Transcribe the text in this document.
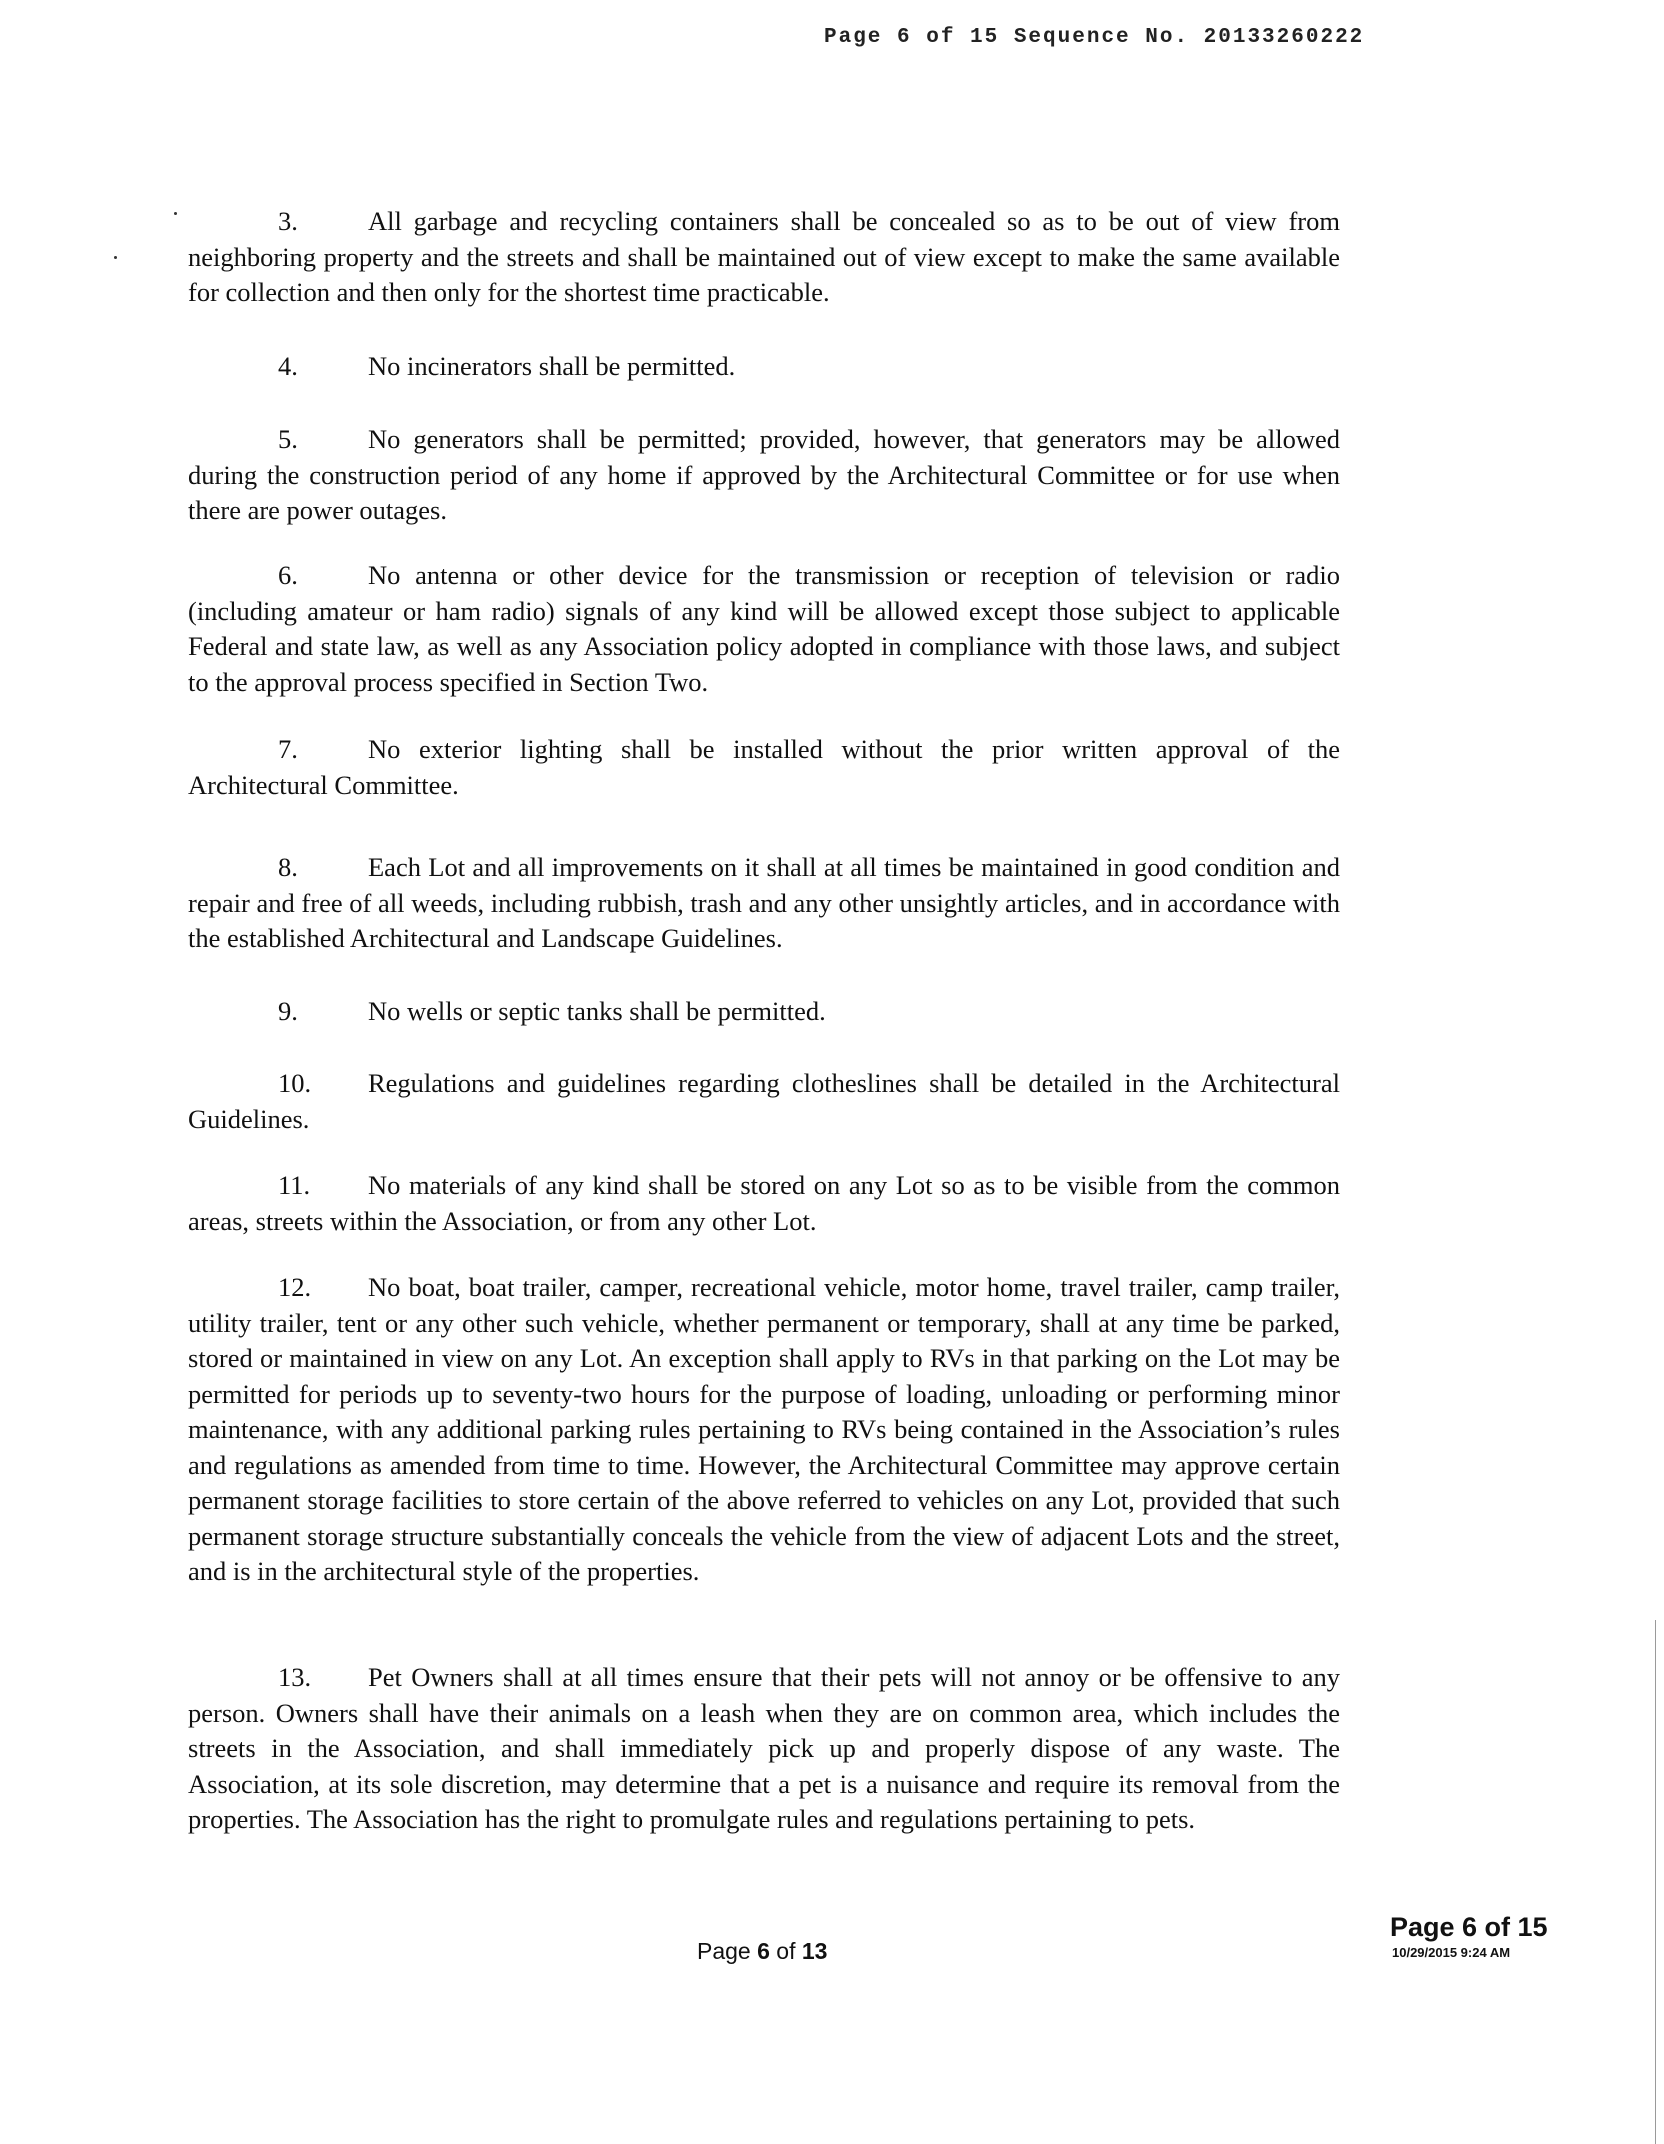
Page 6 of 15 Sequence No. 20133260222

3.	All garbage and recycling containers shall be concealed so as to be out of view from neighboring property and the streets and shall be maintained out of view except to make the same available for collection and then only for the shortest time practicable.

4.	No incinerators shall be permitted.

5.	No generators shall be permitted; provided, however, that generators may be allowed during the construction period of any home if approved by the Architectural Committee or for use when there are power outages.

6.	No antenna or other device for the transmission or reception of television or radio (including amateur or ham radio) signals of any kind will be allowed except those subject to applicable Federal and state law, as well as any Association policy adopted in compliance with those laws, and subject to the approval process specified in Section Two.

7.	No exterior lighting shall be installed without the prior written approval of the Architectural Committee.

8.	Each Lot and all improvements on it shall at all times be maintained in good condition and repair and free of all weeds, including rubbish, trash and any other unsightly articles, and in accordance with the established Architectural and Landscape Guidelines.

9.	No wells or septic tanks shall be permitted.

10. Regulations and guidelines regarding clotheslines shall be detailed in the Architectural Guidelines.

11. No materials of any kind shall be stored on any Lot so as to be visible from the common areas, streets within the Association, or from any other Lot.

12. No boat, boat trailer, camper, recreational vehicle, motor home, travel trailer, camp trailer, utility trailer, tent or any other such vehicle, whether permanent or temporary, shall at any time be parked, stored or maintained in view on any Lot. An exception shall apply to RVs in that parking on the Lot may be permitted for periods up to seventy-two hours for the purpose of loading, unloading or performing minor maintenance, with any additional parking rules pertaining to RVs being contained in the Association’s rules and regulations as amended from time to time. However, the Architectural Committee may approve certain permanent storage facilities to store certain of the above referred to vehicles on any Lot, provided that such permanent storage structure substantially conceals the vehicle from the view of adjacent Lots and the street, and is in the architectural style of the properties.

13. Pet Owners shall at all times ensure that their pets will not annoy or be offensive to any person. Owners shall have their animals on a leash when they are on common area, which includes the streets in the Association, and shall immediately pick up and properly dispose of any waste. The Association, at its sole discretion, may determine that a pet is a nuisance and require its removal from the properties. The Association has the right to promulgate rules and regulations pertaining to pets.

Page 6 of 13
Page 6 of 15
10/29/2015 9:24 AM
